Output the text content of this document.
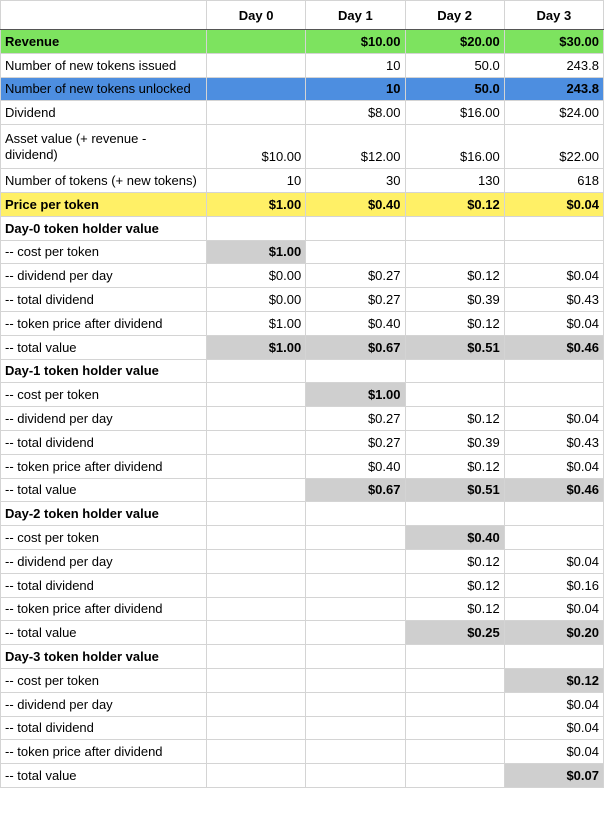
	Day 0	Day 1	Day 2	Day 3
Revenue		$10.00	$20.00	$30.00
Number of new tokens issued		10	50.0	243.8
Number of new tokens unlocked		10	50.0	243.8
Dividend		$8.00	$16.00	$24.00
Asset value (+ revenue - dividend)	$10.00	$12.00	$16.00	$22.00
Number of tokens (+ new tokens)	10	30	130	618
Price per token	$1.00	$0.40	$0.12	$0.04
Day-0 token holder value				
-- cost per token	$1.00			
-- dividend per day	$0.00	$0.27	$0.12	$0.04
-- total dividend	$0.00	$0.27	$0.39	$0.43
-- token price after dividend	$1.00	$0.40	$0.12	$0.04
-- total value	$1.00	$0.67	$0.51	$0.46
Day-1 token holder value				
-- cost per token		$1.00		
-- dividend per day		$0.27	$0.12	$0.04
-- total dividend		$0.27	$0.39	$0.43
-- token price after dividend		$0.40	$0.12	$0.04
-- total value		$0.67	$0.51	$0.46
Day-2 token holder value				
-- cost per token			$0.40	
-- dividend per day			$0.12	$0.04
-- total dividend			$0.12	$0.16
-- token price after dividend			$0.12	$0.04
-- total value			$0.25	$0.20
Day-3 token holder value				
-- cost per token				$0.12
-- dividend per day				$0.04
-- total dividend				$0.04
-- token price after dividend				$0.04
-- total value				$0.07
